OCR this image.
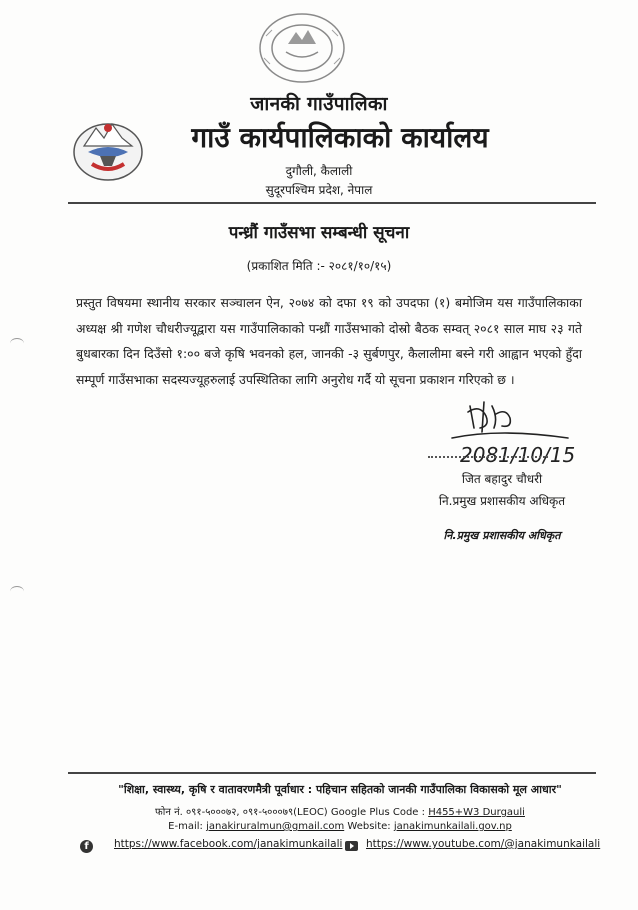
जानकी गाउँपालिका
गाउँ कार्यपालिकाको कार्यालय
दुगौली, कैलाली
सुदूरपश्चिम प्रदेश, नेपाल
पन्ध्रौं गाउँसभा सम्बन्धी सूचना
(प्रकाशित मिति :- २०८१/१०/१५)
प्रस्तुत विषयमा स्थानीय सरकार सञ्चालन ऐन, २०७४ को दफा १९ को उपदफा (१) बमोजिम यस गाउँपालिकाका अध्यक्ष श्री गणेश चौधरीज्यूद्वारा यस गाउँपालिकाको पन्ध्रौं गाउँसभाको दोस्रो बैठक सम्वत् २०८१ साल माघ २३ गते बुधबारका दिन दिउँसो १:०० बजे कृषि भवनको हल, जानकी -३ सुर्बणपुर, कैलालीमा बस्ने गरी आह्वान भएको हुँदा सम्पूर्ण गाउँसभाका सदस्यज्यूहरुलाई उपस्थितिका लागि अनुरोध गर्दै यो सूचना प्रकाशन गरिएको छ ।
2081/10/15
जित बहादुर चौधरी
नि.प्रमुख प्रशासकीय अधिकृत
नि.प्रमुख प्रशासकीय अधिकृत
"शिक्षा, स्वास्थ्य, कृषि र वातावरणमैत्री पूर्वाधार : पहिचान सहितको जानकी गाउँपालिका विकासको मूल आधार"
फोन नं. ०९१-५०००७२, ०९१-५०००७९(LEOC) Google Plus Code : H455+W3 Durgauli
E-mail: janakiruralmun@gmail.com Website: janakimunkailali.gov.np
f	https://www.facebook.com/janakimunkailali https://www.youtube.com/@janakimunkailali
